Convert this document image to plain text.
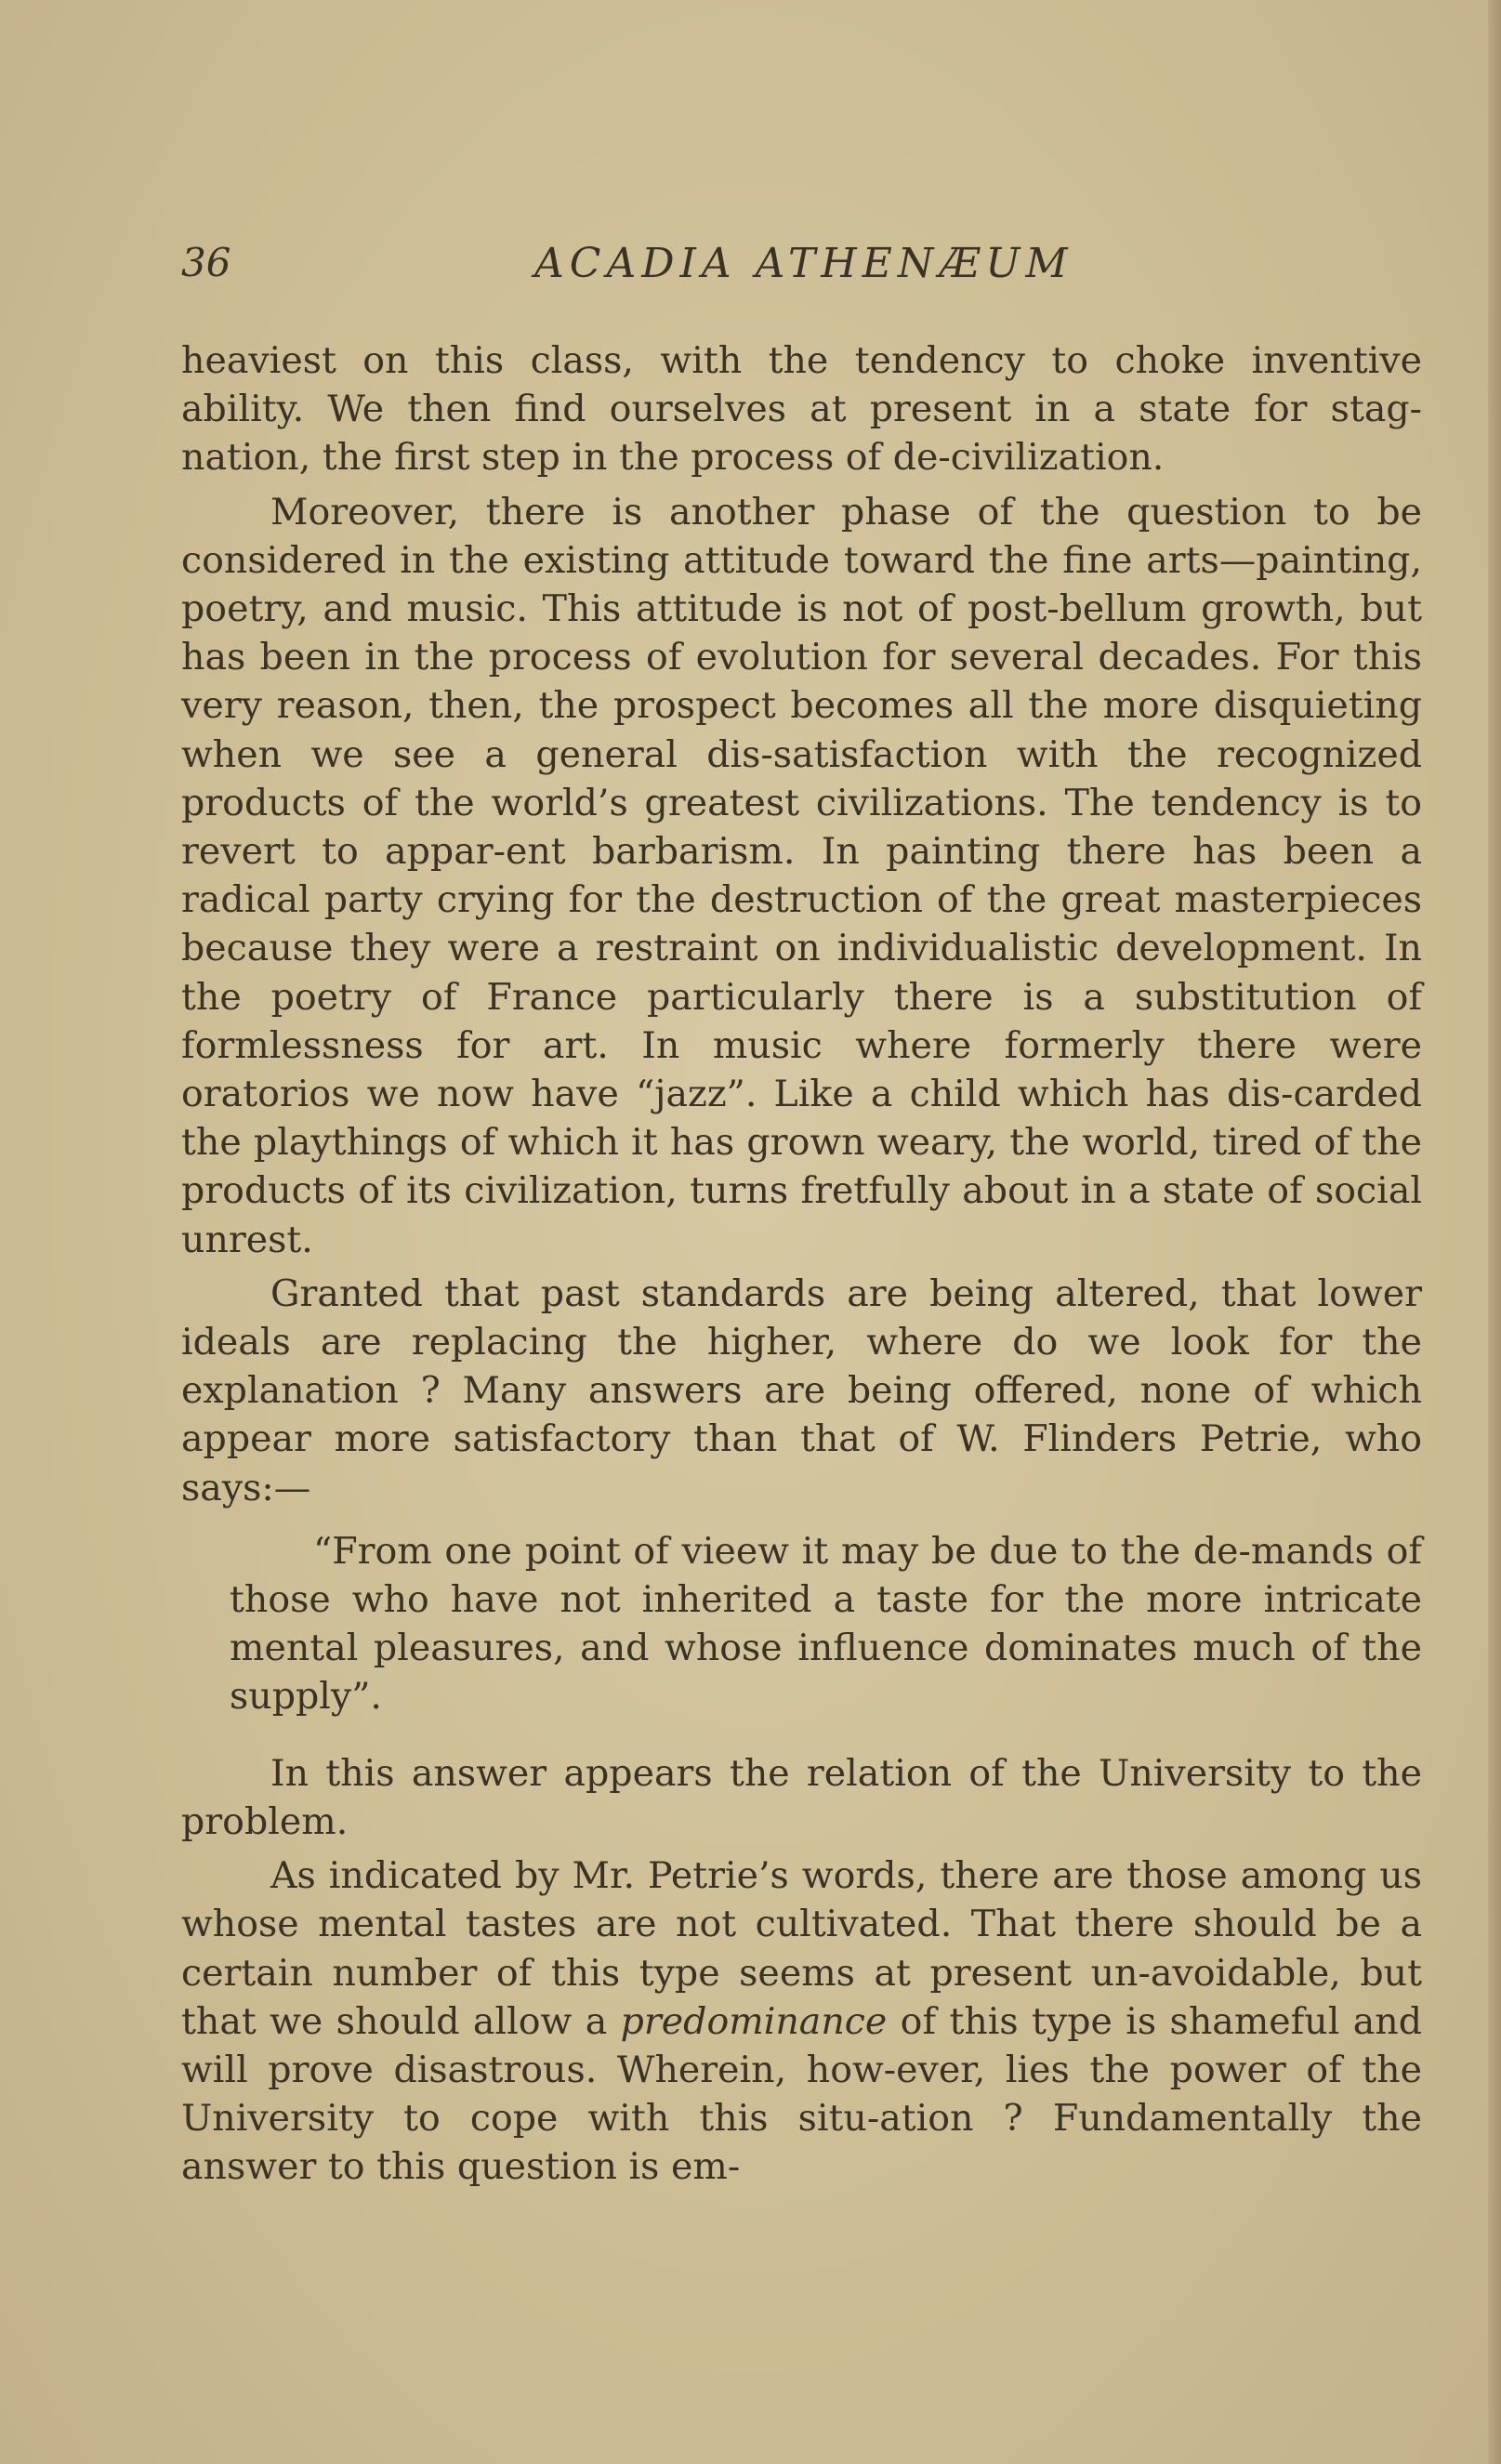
36	ACADIA ATHENÆUM

heaviest on this class, with the tendency to choke inventive ability. We then find ourselves at present in a state for stag-nation, the first step in the process of de-civilization.

Moreover, there is another phase of the question to be considered in the existing attitude toward the fine arts—painting, poetry, and music. This attitude is not of post-bellum growth, but has been in the process of evolution for several decades. For this very reason, then, the prospect becomes all the more disquieting when we see a general dis-satisfaction with the recognized products of the world’s greatest civilizations. The tendency is to revert to appar-ent barbarism. In painting there has been a radical party crying for the destruction of the great masterpieces because they were a restraint on individualistic development. In the poetry of France particularly there is a substitution of formlessness for art. In music where formerly there were oratorios we now have “jazz”. Like a child which has dis-carded the playthings of which it has grown weary, the world, tired of the products of its civilization, turns fretfully about in a state of social unrest.

Granted that past standards are being altered, that lower ideals are replacing the higher, where do we look for the explanation ? Many answers are being offered, none of which appear more satisfactory than that of W. Flinders Petrie, who says:—

“From one point of vieew it may be due to the de-mands of those who have not inherited a taste for the more intricate mental pleasures, and whose influence dominates much of the supply”.

In this answer appears the relation of the University to the problem.

As indicated by Mr. Petrie’s words, there are those among us whose mental tastes are not cultivated. That there should be a certain number of this type seems at present un-avoidable, but that we should allow a predominance of this type is shameful and will prove disastrous. Wherein, how-ever, lies the power of the University to cope with this situ-ation ? Fundamentally the answer to this question is em-
